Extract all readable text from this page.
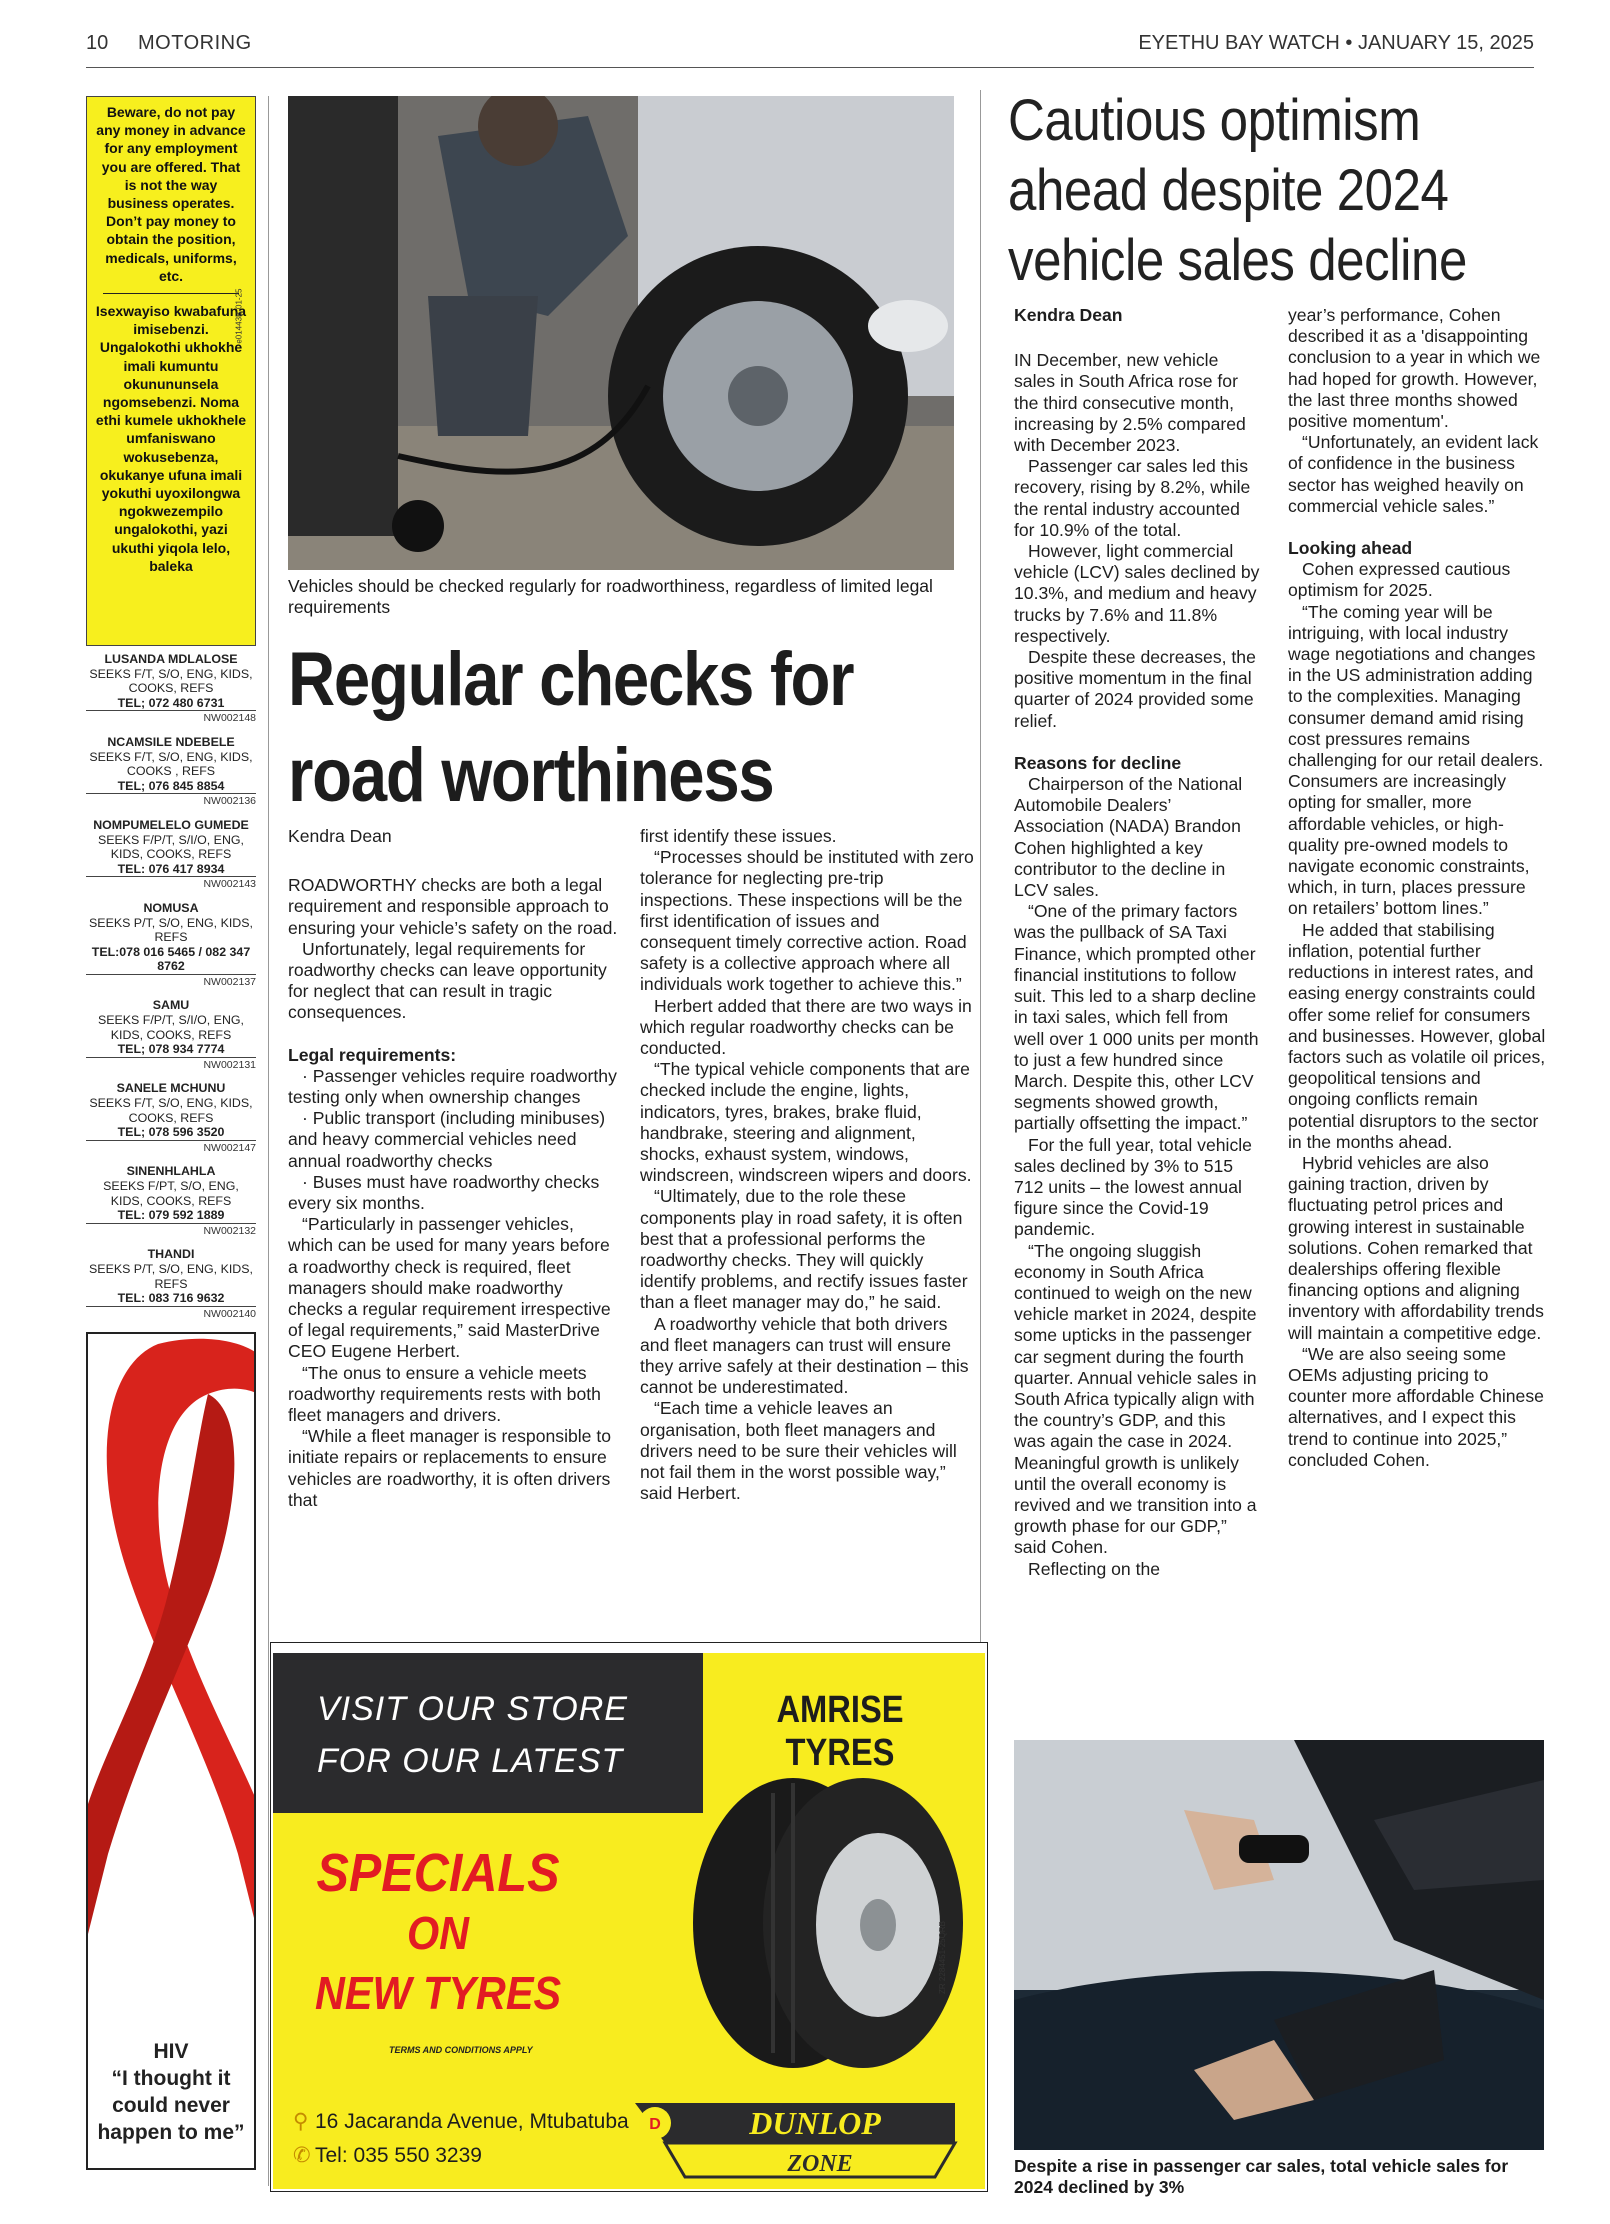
10 MOTORING	EYETHU BAY WATCH • JANUARY 15, 2025
Beware, do not pay any money in advance for any employment you are offered. That is not the way business operates. Don’t pay money to obtain the position, medicals, uniforms, etc.
Isexwayiso kwabafuna imisebenzi. Ungalokothi ukhokhe imali kumuntu okunununsela ngomsebenzi. Noma ethi kumele ukhokhele umfaniswano wokusebenza, okukanye ufuna imali yokuthi uyoxilongwa ngokwezempilo ungalokothi, yazi ukuthi yiqola lelo, baleka
e01443B-01-25
LUSANDA MDLALOSE
SEEKS F/T, S/O, ENG, KIDS, COOKS, REFS
TEL; 072 480 6731
NW002148
NCAMSILE NDEBELE
SEEKS F/T, S/O, ENG, KIDS, COOKS , REFS
TEL; 076 845 8854
NW002136
NOMPUMELELO GUMEDE
SEEKS F/P/T, S/I/O, ENG, KIDS, COOKS, REFS
TEL: 076 417 8934
NW002143
NOMUSA
SEEKS P/T, S/O, ENG, KIDS, REFS
TEL:078 016 5465 / 082 347 8762
NW002137
SAMU
SEEKS F/P/T, S/I/O, ENG, KIDS, COOKS, REFS
TEL; 078 934 7774
NW002131
SANELE MCHUNU
SEEKS F/T, S/O, ENG, KIDS, COOKS, REFS
TEL; 078 596 3520
NW002147
SINENHLAHLA
SEEKS F/PT, S/O, ENG, KIDS, COOKS, REFS
TEL: 079 592 1889
NW002132
THANDI
SEEKS P/T, S/O, ENG, KIDS, REFS
TEL: 083 716 9632
NW002140
HIV
“I thought it could never happen to me”
Vehicles should be checked regularly for roadworthiness, regardless of limited legal requirements
Regular checks for road worthiness

Kendra Dean

ROADWORTHY checks are both a legal requirement and responsible approach to ensuring your vehicle’s safety on the road.

Unfortunately, legal requirements for roadworthy checks can leave opportunity for neglect that can result in tragic consequences.

Legal requirements:

· Passenger vehicles require roadworthy testing only when ownership changes

· Public transport (including minibuses) and heavy commercial vehicles need annual roadworthy checks

· Buses must have roadworthy checks every six months.

“Particularly in passenger vehicles, which can be used for many years before a roadworthy check is required, fleet managers should make roadworthy checks a regular requirement irrespective of legal requirements,” said MasterDrive CEO Eugene Herbert.

“The onus to ensure a vehicle meets roadworthy requirements rests with both fleet managers and drivers.

“While a fleet manager is responsible to initiate repairs or replacements to ensure vehicles are roadworthy, it is often drivers that

first identify these issues.

“Processes should be instituted with zero tolerance for neglecting pre-trip inspections. These inspections will be the first identification of issues and consequent timely corrective action. Road safety is a collective approach where all individuals work together to achieve this.”

Herbert added that there are two ways in which regular roadworthy checks can be conducted.

“The typical vehicle components that are checked include the engine, lights, indicators, tyres, brakes, brake fluid, handbrake, steering and alignment, shocks, exhaust system, windows, windscreen, windscreen wipers and doors.

“Ultimately, due to the role these components play in road safety, it is often best that a professional performs the roadworthy checks. They will quickly identify problems, and rectify issues faster than a fleet manager may do,” he said.

A roadworthy vehicle that both drivers and fleet managers can trust will ensure they arrive safely at their destination – this cannot be underestimated.

“Each time a vehicle leaves an organisation, both fleet managers and drivers need to be sure their vehicles will not fail them in the worst possible way,” said Herbert.

Cautious optimism ahead despite 2024 vehicle sales decline

Kendra Dean

IN December, new vehicle sales in South Africa rose for the third consecutive month, increasing by 2.5% compared with December 2023.

Passenger car sales led this recovery, rising by 8.2%, while the rental industry accounted for 10.9% of the total.

However, light commercial vehicle (LCV) sales declined by 10.3%, and medium and heavy trucks by 7.6% and 11.8% respectively.

Despite these decreases, the positive momentum in the final quarter of 2024 provided some relief.

Reasons for decline

Chairperson of the National Automobile Dealers’ Association (NADA) Brandon Cohen highlighted a key contributor to the decline in LCV sales.

“One of the primary factors was the pullback of SA Taxi Finance, which prompted other financial institutions to follow suit. This led to a sharp decline in taxi sales, which fell from well over 1 000 units per month to just a few hundred since March. Despite this, other LCV segments showed growth, partially offsetting the impact.”

For the full year, total vehicle sales declined by 3% to 515 712 units – the lowest annual figure since the Covid-19 pandemic.

“The ongoing sluggish economy in South Africa continued to weigh on the new vehicle market in 2024, despite some upticks in the passenger car segment during the fourth quarter. Annual vehicle sales in South Africa typically align with the country’s GDP, and this was again the case in 2024. Meaningful growth is unlikely until the overall economy is revived and we transition into a growth phase for our GDP,” said Cohen.

Reflecting on the

year’s performance, Cohen described it as a 'disappointing conclusion to a year in which we had hoped for growth. However, the last three months showed positive momentum'.

“Unfortunately, an evident lack of confidence in the business sector has weighed heavily on commercial vehicle sales.”

Looking ahead

Cohen expressed cautious optimism for 2025.

“The coming year will be intriguing, with local industry wage negotiations and changes in the US administration adding to the complexities. Managing consumer demand amid rising cost pressures remains challenging for our retail dealers. Consumers are increasingly opting for smaller, more affordable vehicles, or high-quality pre-owned models to navigate economic constraints, which, in turn, places pressure on retailers’ bottom lines.”

He added that stabilising inflation, potential further reductions in interest rates, and easing energy constraints could offer some relief for consumers and businesses. However, global factors such as volatile oil prices, geopolitical tensions and ongoing conflicts remain potential disruptors to the sector in the months ahead.

Hybrid vehicles are also gaining traction, driven by fluctuating petrol prices and growing interest in sustainable solutions. Cohen remarked that dealerships offering flexible financing options and aligning inventory with affordability trends will maintain a competitive edge.

“We are also seeing some OEMs adjusting pricing to counter more affordable Chinese alternatives, and I expect this trend to continue into 2025,” concluded Cohen.

VISIT OUR STORE
FOR OUR LATEST
AMRISE TYRES
SPECIALS
ON
NEW TYRES
TERMS AND CONDITIONS APPLY
⚲ 16 Jacaranda Avenue, Mtubatuba
✆ Tel: 035 550 3239
D	DUNLOP
ZONE
ZR 2284451-25QRB
Despite a rise in passenger car sales, total vehicle sales for 2024 declined by 3%
